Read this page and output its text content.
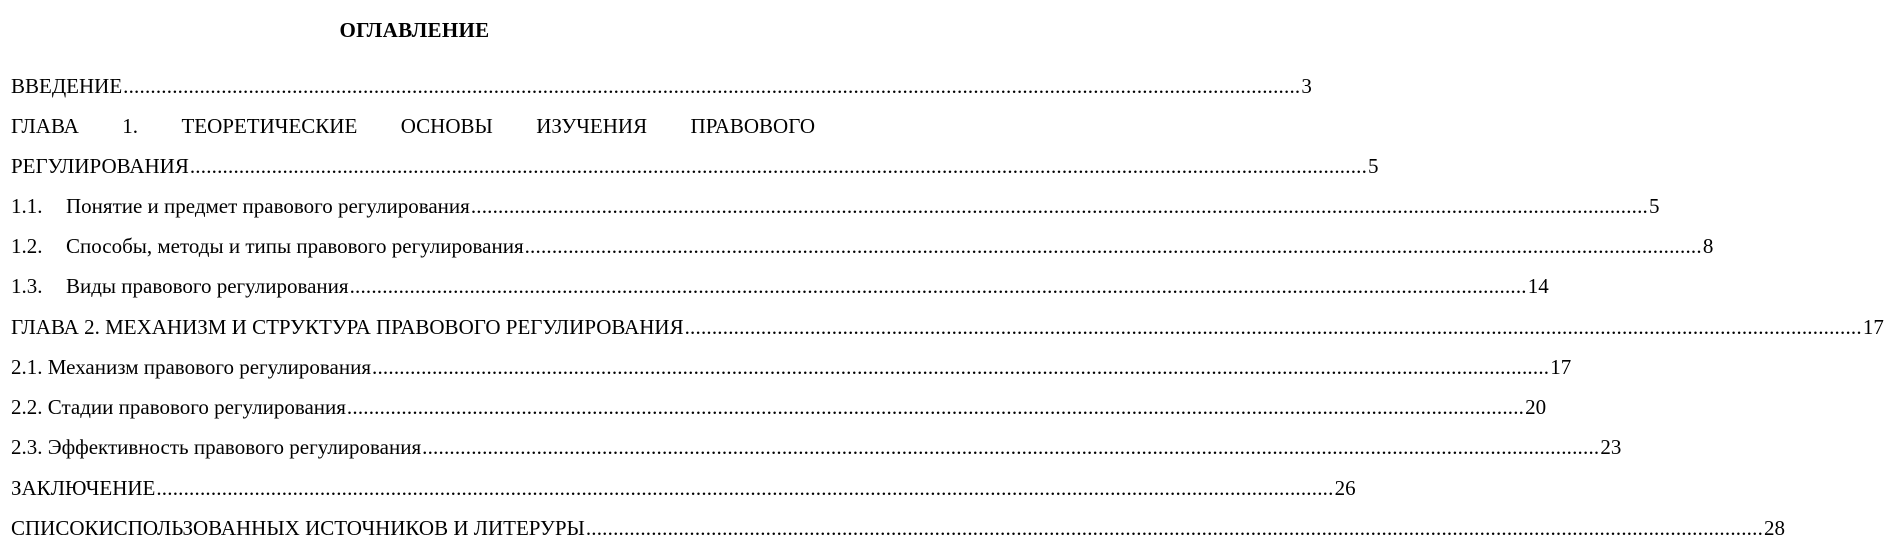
ОГЛАВЛЕНИЕ
ВВЕДЕНИЕ ........................................................................................................................................................................................................................ 3
ГЛАВА 1. ТЕОРЕТИЧЕСКИЕ ОСНОВЫ ИЗУЧЕНИЯ ПРАВОВОГО
РЕГУЛИРОВАНИЯ ........................................................................................................................................................................................................................ 5
1.1.	Понятие и предмет правового регулирования ........................................................................................................................................................................................................................ 5
1.2.	Способы, методы и типы правового регулирования ........................................................................................................................................................................................................................ 8
1.3.	Виды правового регулирования ........................................................................................................................................................................................................................ 14
ГЛАВА 2. МЕХАНИЗМ И СТРУКТУРА ПРАВОВОГО РЕГУЛИРОВАНИЯ ........................................................................................................................................................................................................................ 17
2.1. Механизм правового регулирования ........................................................................................................................................................................................................................ 17
2.2. Стадии правового регулирования ........................................................................................................................................................................................................................ 20
2.3. Эффективность правового регулирования ........................................................................................................................................................................................................................ 23
ЗАКЛЮЧЕНИЕ ........................................................................................................................................................................................................................ 26
СПИСОКИСПОЛЬЗОВАННЫХ ИСТОЧНИКОВ И ЛИТЕРУРЫ ........................................................................................................................................................................................................................ 28
